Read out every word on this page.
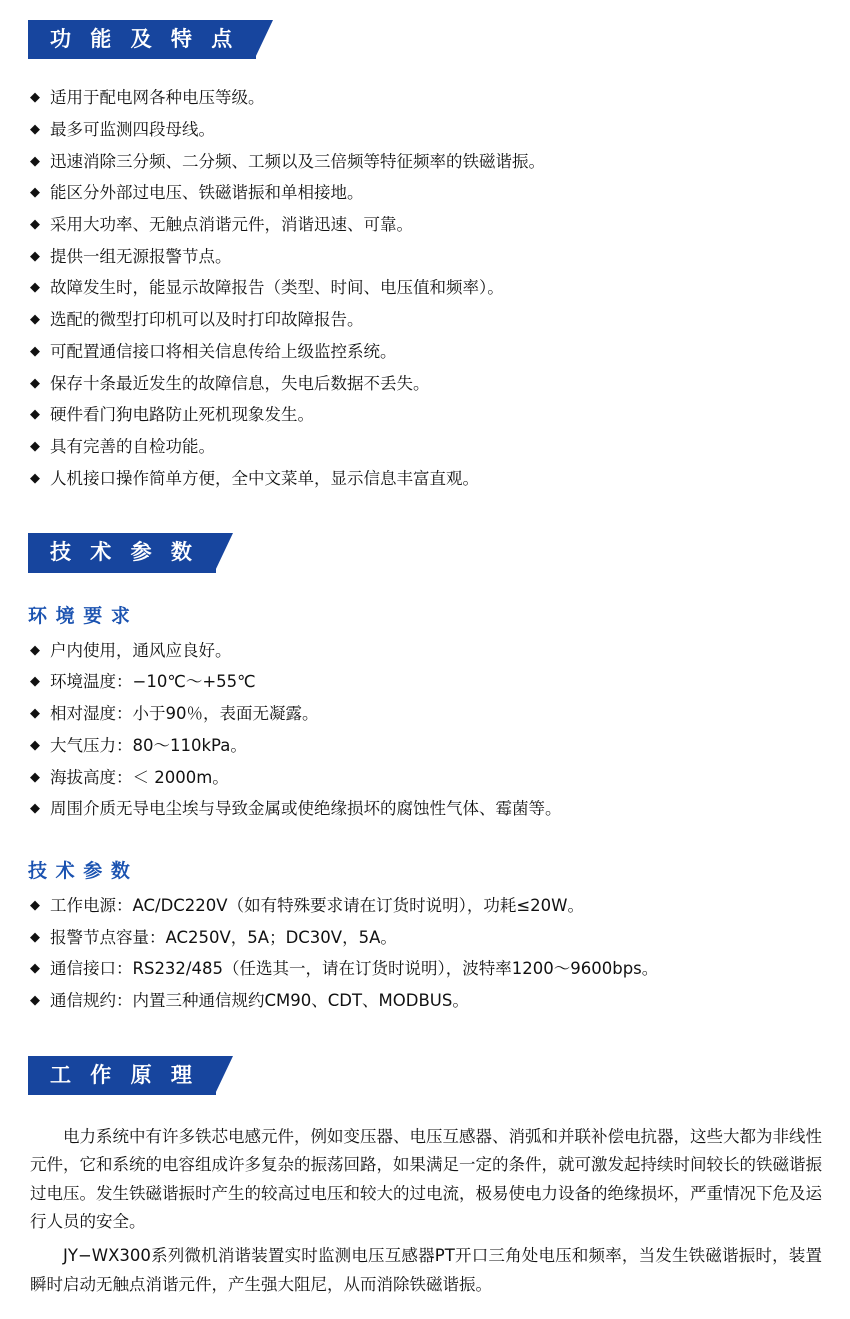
功 能 及 特 点
◆ 适用于配电网各种电压等级。
◆ 最多可监测四段母线。
◆ 迅速消除三分频、二分频、工频以及三倍频等特征频率的铁磁谐振。
◆ 能区分外部过电压、铁磁谐振和单相接地。
◆ 采用大功率、无触点消谐元件，消谐迅速、可靠。
◆ 提供一组无源报警节点。
◆ 故障发生时，能显示故障报告（类型、时间、电压值和频率）。
◆ 选配的微型打印机可以及时打印故障报告。
◆ 可配置通信接口将相关信息传给上级监控系统。
◆ 保存十条最近发生的故障信息，失电后数据不丢失。
◆ 硬件看门狗电路防止死机现象发生。
◆ 具有完善的自检功能。
◆ 人机接口操作简单方便，全中文菜单，显示信息丰富直观。
技 术 参 数
环 境 要 求
◆ 户内使用，通风应良好。
◆ 环境温度：−10℃～+55℃
◆ 相对湿度：小于90％，表面无凝露。
◆ 大气压力：80～110kPa。
◆ 海拔高度：＜ 2000m。
◆ 周围介质无导电尘埃与导致金属或使绝缘损坏的腐蚀性气体、霉菌等。
技 术 参 数
◆ 工作电源：AC/DC220V（如有特殊要求请在订货时说明），功耗≤20W。
◆ 报警节点容量：AC250V，5A；DC30V，5A。
◆ 通信接口：RS232/485（任选其一，请在订货时说明），波特率1200～9600bps。
◆ 通信规约：内置三种通信规约CM90、CDT、MODBUS。
工 作 原 理

电力系统中有许多铁芯电感元件，例如变压器、电压互感器、消弧和并联补偿电抗器，这些大都为非线性元件，它和系统的电容组成许多复杂的振荡回路，如果满足一定的条件，就可激发起持续时间较长的铁磁谐振过电压。发生铁磁谐振时产生的较高过电压和较大的过电流，极易使电力设备的绝缘损坏，严重情况下危及运行人员的安全。

JY−WX300系列微机消谐装置实时监测电压互感器PT开口三角处电压和频率，当发生铁磁谐振时，装置瞬时启动无触点消谐元件，产生强大阻尼，从而消除铁磁谐振。
